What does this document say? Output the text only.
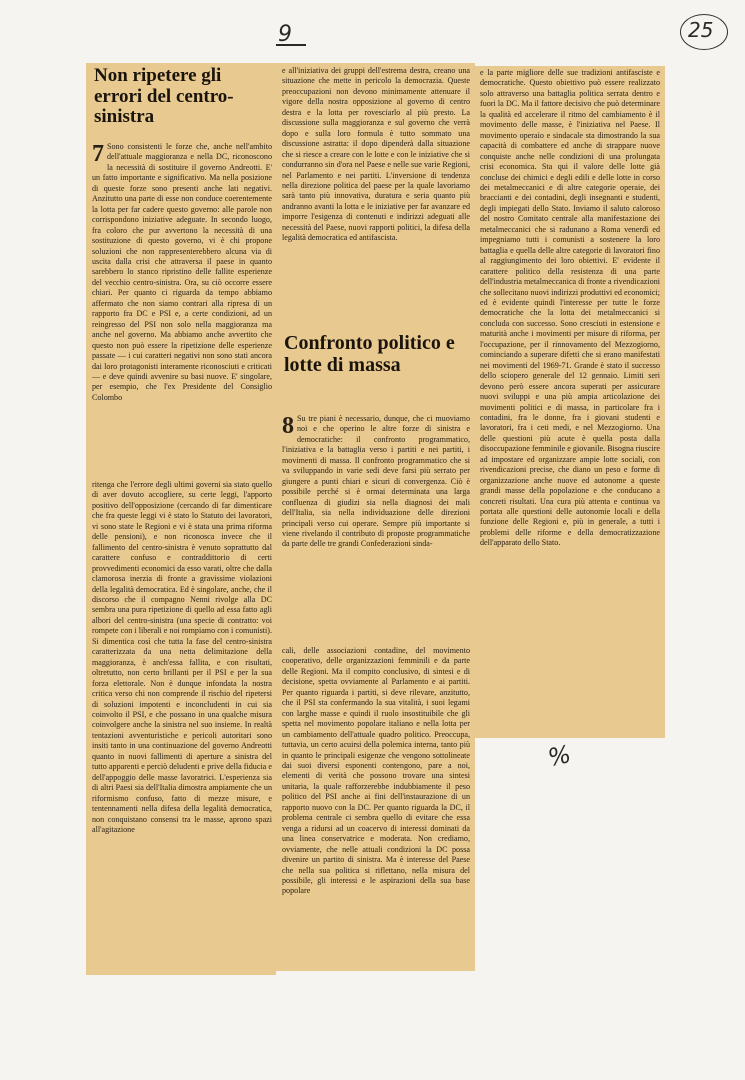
9	25
%
Non ripetere gli errori del centro-sinistra
7 Sono consistenti le forze che, anche nell'ambito dell'attuale maggioranza e nella DC, riconoscono la necessità di sostituire il governo Andreotti. E' un fatto importante e significativo. Ma nella posizione di queste forze sono presenti anche lati negativi. Anzitutto una parte di esse non conduce coerentemente la lotta per far cadere questo governo: alle parole non corrispondono iniziative adeguate. In secondo luogo, fra coloro che pur avvertono la necessità di una sostituzione di questo governo, vi è chi propone soluzioni che non rappresenterebbero alcuna via di uscita dalla crisi che attraversa il paese in quanto sarebbero lo stanco ripristino delle fallite esperienze del vecchio centro-sinistra. Ora, su ciò occorre essere chiari. Per quanto ci riguarda da tempo abbiamo affermato che non siamo contrari alla ripresa di un rapporto fra DC e PSI e, a certe condizioni, ad un reingresso del PSI non solo nella maggioranza ma anche nel governo. Ma abbiamo anche avvertito che questo non può essere la ripetizione delle esperienze passate — i cui caratteri negativi non sono stati ancora dai loro protagonisti interamente riconosciuti e criticati — e deve quindi avvenire su basi nuove. E' singolare, per esempio, che l'ex Presidente del Consiglio Colombo

ritenga che l'errore degli ultimi governi sia stato quello di aver dovuto accogliere, su certe leggi, l'apporto positivo dell'opposizione (cercando di far dimenticare che fra queste leggi vi è stato lo Statuto dei lavoratori, vi sono state le Regioni e vi è stata una prima riforma delle pensioni), e non riconosca invece che il fallimento del centro-sinistra è venuto soprattutto dal carattere confuso e contraddittorio di certi provvedimenti economici da esso varati, oltre che dalla clamorosa inerzia di fronte a gravissime violazioni della legalità democratica. Ed è singolare, anche, che il discorso che il compagno Nenni rivolge alla DC sembra una pura ripetizione di quello ad essa fatto agli albori del centro-sinistra (una specie di contratto: voi rompete con i liberali e noi rompiamo con i comunisti). Si dimentica così che tutta la fase del centro-sinistra caratterizzata da una netta delimitazione della maggioranza, è anch'essa fallita, e con risultati, oltretutto, non certo brillanti per il PSI e per la sua forza elettorale. Non è dunque infondata la nostra critica verso chi non comprende il rischio del ripetersi di soluzioni impotenti e inconcludenti in cui sia coinvolto il PSI, e che possano in una qualche misura coinvolgere anche la sinistra nel suo insieme. In realtà tentazioni avventuristiche e pericoli autoritari sono insiti tanto in una continuazione del governo Andreotti quanto in nuovi fallimenti di aperture a sinistra del tutto apparenti e perciò deludenti e prive della fiducia e dell'appoggio delle masse lavoratrici. L'esperienza sia di altri Paesi sia dell'Italia dimostra ampiamente che un riformismo confuso, fatto di mezze misure, e tentennamenti nella difesa della legalità democratica, non conquistano consensi tra le masse, aprono spazi all'agitazione

e all'iniziativa dei gruppi dell'estrema destra, creano una situazione che mette in pericolo la democrazia. Queste preoccupazioni non devono minimamente attenuare il vigore della nostra opposizione al governo di centro destra e la lotta per rovesciarlo al più presto. La discussione sulla maggioranza e sul governo che verrà dopo e sulla loro formula è tutto sommato una discussione astratta: il dopo dipenderà dalla situazione che si riesce a creare con le lotte e con le iniziative che si condurranno sin d'ora nel Paese e nelle sue varie Regioni, nel Parlamento e nei partiti. L'inversione di tendenza nella direzione politica del paese per la quale lavoriamo sarà tanto più innovativa, duratura e seria quanto più andranno avanti la lotta e le iniziative per far avanzare ed imporre l'esigenza di contenuti e indirizzi adeguati alle necessità del Paese, nuovi rapporti politici, la difesa della legalità democratica ed antifascista.

Confronto politico e lotte di massa
8 Su tre piani è necessario, dunque, che ci muoviamo noi e che operino le altre forze di sinistra e democratiche: il confronto programmatico, l'iniziativa e la battaglia verso i partiti e nei partiti, i movimenti di massa. Il confronto programmatico che si va sviluppando in varie sedi deve farsi più serrato per giungere a punti chiari e sicuri di convergenza. Ciò è possibile perché si è ormai determinata una larga confluenza di giudizi sia nella diagnosi dei mali dell'Italia, sia nella individuazione delle direzioni principali verso cui operare. Sempre più importante si viene rivelando il contributo di proposte programmatiche da parte delle tre grandi Confederazioni sinda-

cali, delle associazioni contadine, del movimento cooperativo, delle organizzazioni femminili e da parte delle Regioni. Ma il compito conclusivo, di sintesi e di decisione, spetta ovviamente al Parlamento e ai partiti. Per quanto riguarda i partiti, si deve rilevare, anzitutto, che il PSI sta confermando la sua vitalità, i suoi legami con larghe masse e quindi il ruolo insostituibile che gli spetta nel movimento popolare italiano e nella lotta per un cambiamento dell'attuale quadro politico. Preoccupa, tuttavia, un certo acuirsi della polemica interna, tanto più in quanto le principali esigenze che vengono sottolineate dai suoi diversi esponenti contengono, pare a noi, elementi di verità che possono trovare una sintesi unitaria, la quale rafforzerebbe indubbiamente il peso politico del PSI anche ai fini dell'instaurazione di un rapporto nuovo con la DC. Per quanto riguarda la DC, il problema centrale ci sembra quello di evitare che essa venga a ridursi ad un coacervo di interessi dominati da una linea conservatrice e moderata. Non crediamo, ovviamente, che nelle attuali condizioni la DC possa divenire un partito di sinistra. Ma è interesse del Paese che nella sua politica si riflettano, nella misura del possibile, gli interessi e le aspirazioni della sua base popolare

e la parte migliore delle sue tradizioni antifasciste e democratiche. Questo obiettivo può essere realizzato solo attraverso una battaglia politica serrata dentro e fuori la DC. Ma il fattore decisivo che può determinare la qualità ed accelerare il ritmo del cambiamento è il movimento delle masse, è l'iniziativa nel Paese. Il movimento operaio e sindacale sta dimostrando la sua capacità di combattere ed anche di strappare nuove conquiste anche nelle condizioni di una prolungata crisi economica. Sta qui il valore delle lotte già concluse dei chimici e degli edili e delle lotte in corso dei metalmeccanici e di altre categorie operaie, dei braccianti e dei contadini, degli insegnanti e studenti, degli impiegati dello Stato. Inviamo il saluto caloroso del nostro Comitato centrale alla manifestazione dei metalmeccanici che si radunano a Roma venerdì ed impegniamo tutti i comunisti a sostenere la loro battaglia e quella delle altre categorie di lavoratori fino al raggiungimento dei loro obiettivi. E' evidente il carattere politico della resistenza di una parte dell'industria metalmeccanica di fronte a rivendicazioni che sollecitano nuovi indirizzi produttivi ed economici; ed è evidente quindi l'interesse per tutte le forze democratiche che la lotta dei metalmeccanici si concluda con successo. Sono cresciuti in estensione e maturità anche i movimenti per misure di riforma, per l'occupazione, per il rinnovamento del Mezzogiorno, cominciando a superare difetti che si erano manifestati nei movimenti del 1969-71. Grande è stato il successo dello sciopero generale del 12 gennaio. Limiti seri devono però essere ancora superati per assicurare nuovi sviluppi e una più ampia articolazione dei movimenti politici e di massa, in particolare fra i contadini, fra le donne, fra i giovani studenti e lavoratori, fra i ceti medi, e nel Mezzogiorno. Una delle questioni più acute è quella posta dalla disoccupazione femminile e giovanile. Bisogna riuscire ad impostare ed organizzare ampie lotte sociali, con rivendicazioni precise, che diano un peso e forme di organizzazione anche nuove ed autonome a queste grandi masse della popolazione e che conducano a concreti risultati. Una cura più attenta e continua va portata alle questioni delle autonomie locali e della funzione delle Regioni e, più in generale, a tutti i problemi delle riforme e della democratizzazione dell'apparato dello Stato.
